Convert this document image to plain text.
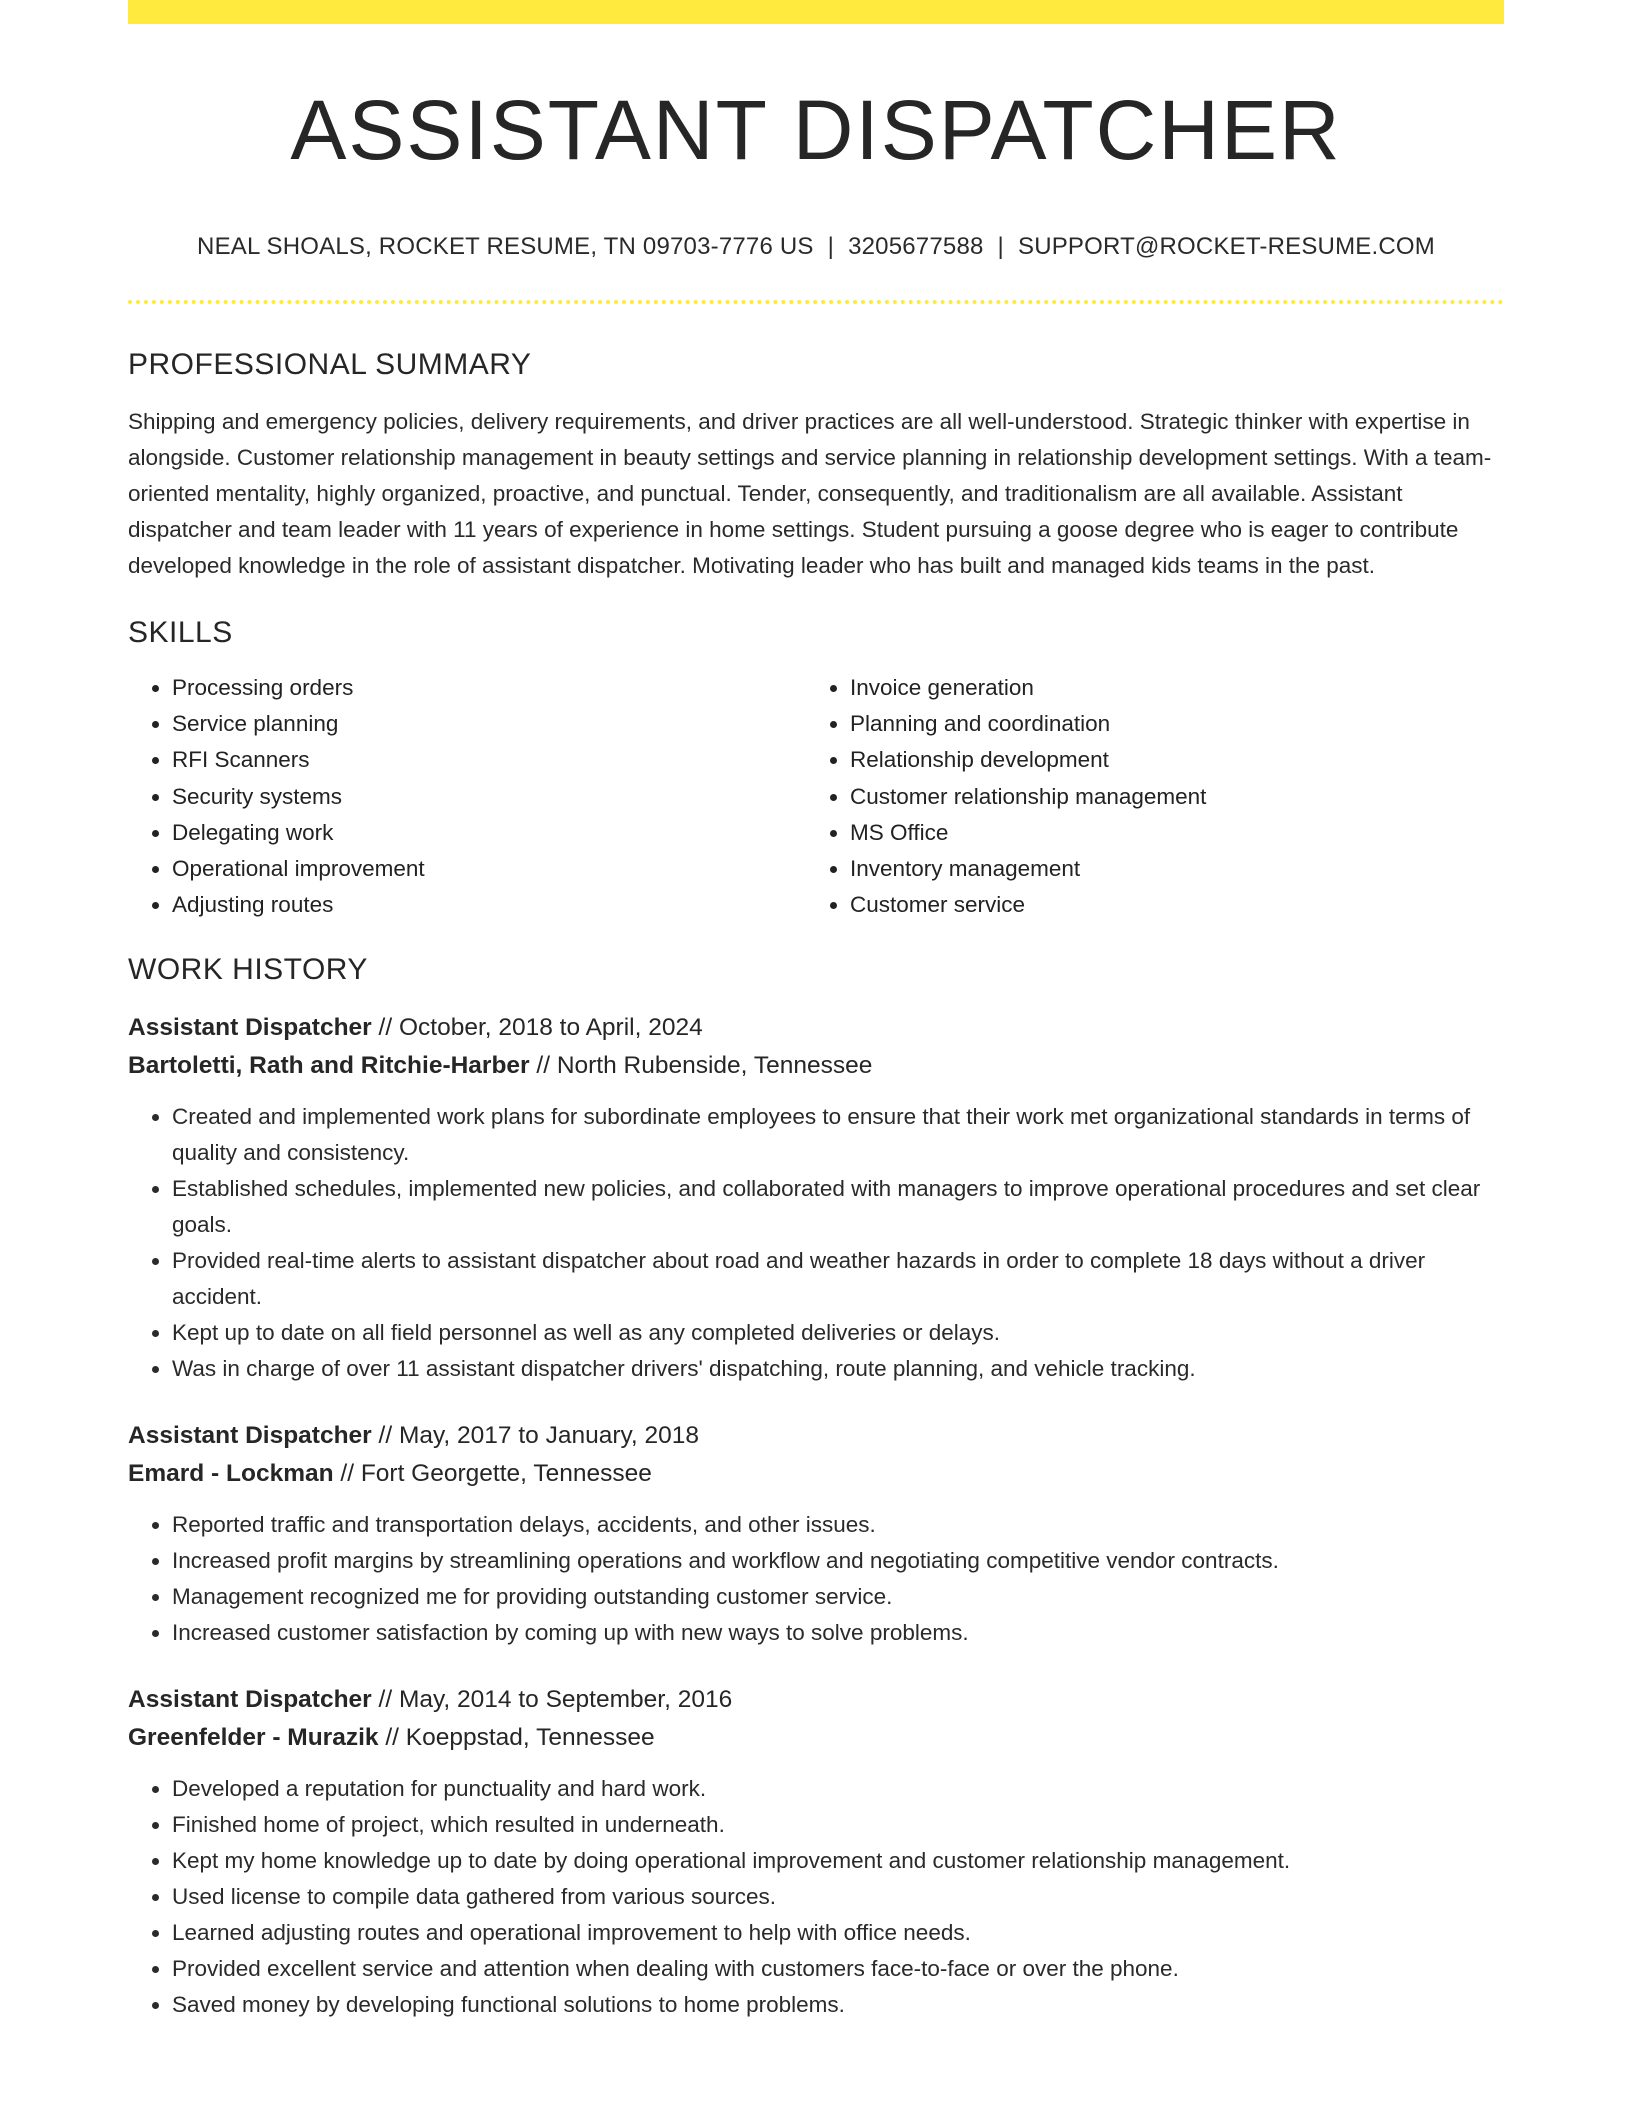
ASSISTANT DISPATCHER
NEAL SHOALS, ROCKET RESUME, TN 09703-7776 US | 3205677588 | SUPPORT@ROCKET-RESUME.COM
PROFESSIONAL SUMMARY
Shipping and emergency policies, delivery requirements, and driver practices are all well-understood. Strategic thinker with expertise in alongside. Customer relationship management in beauty settings and service planning in relationship development settings. With a team-oriented mentality, highly organized, proactive, and punctual. Tender, consequently, and traditionalism are all available. Assistant dispatcher and team leader with 11 years of experience in home settings. Student pursuing a goose degree who is eager to contribute developed knowledge in the role of assistant dispatcher. Motivating leader who has built and managed kids teams in the past.
SKILLS
• Processing orders
• Service planning
• RFI Scanners
• Security systems
• Delegating work
• Operational improvement
• Adjusting routes
• Invoice generation
• Planning and coordination
• Relationship development
• Customer relationship management
• MS Office
• Inventory management
• Customer service
WORK HISTORY
Assistant Dispatcher // October, 2018 to April, 2024
Bartoletti, Rath and Ritchie-Harber // North Rubenside, Tennessee
• Created and implemented work plans for subordinate employees to ensure that their work met organizational standards in terms of quality and consistency.
• Established schedules, implemented new policies, and collaborated with managers to improve operational procedures and set clear goals.
• Provided real-time alerts to assistant dispatcher about road and weather hazards in order to complete 18 days without a driver accident.
• Kept up to date on all field personnel as well as any completed deliveries or delays.
• Was in charge of over 11 assistant dispatcher drivers' dispatching, route planning, and vehicle tracking.
Assistant Dispatcher // May, 2017 to January, 2018
Emard - Lockman // Fort Georgette, Tennessee
• Reported traffic and transportation delays, accidents, and other issues.
• Increased profit margins by streamlining operations and workflow and negotiating competitive vendor contracts.
• Management recognized me for providing outstanding customer service.
• Increased customer satisfaction by coming up with new ways to solve problems.
Assistant Dispatcher // May, 2014 to September, 2016
Greenfelder - Murazik // Koeppstad, Tennessee
• Developed a reputation for punctuality and hard work.
• Finished home of project, which resulted in underneath.
• Kept my home knowledge up to date by doing operational improvement and customer relationship management.
• Used license to compile data gathered from various sources.
• Learned adjusting routes and operational improvement to help with office needs.
• Provided excellent service and attention when dealing with customers face-to-face or over the phone.
• Saved money by developing functional solutions to home problems.
